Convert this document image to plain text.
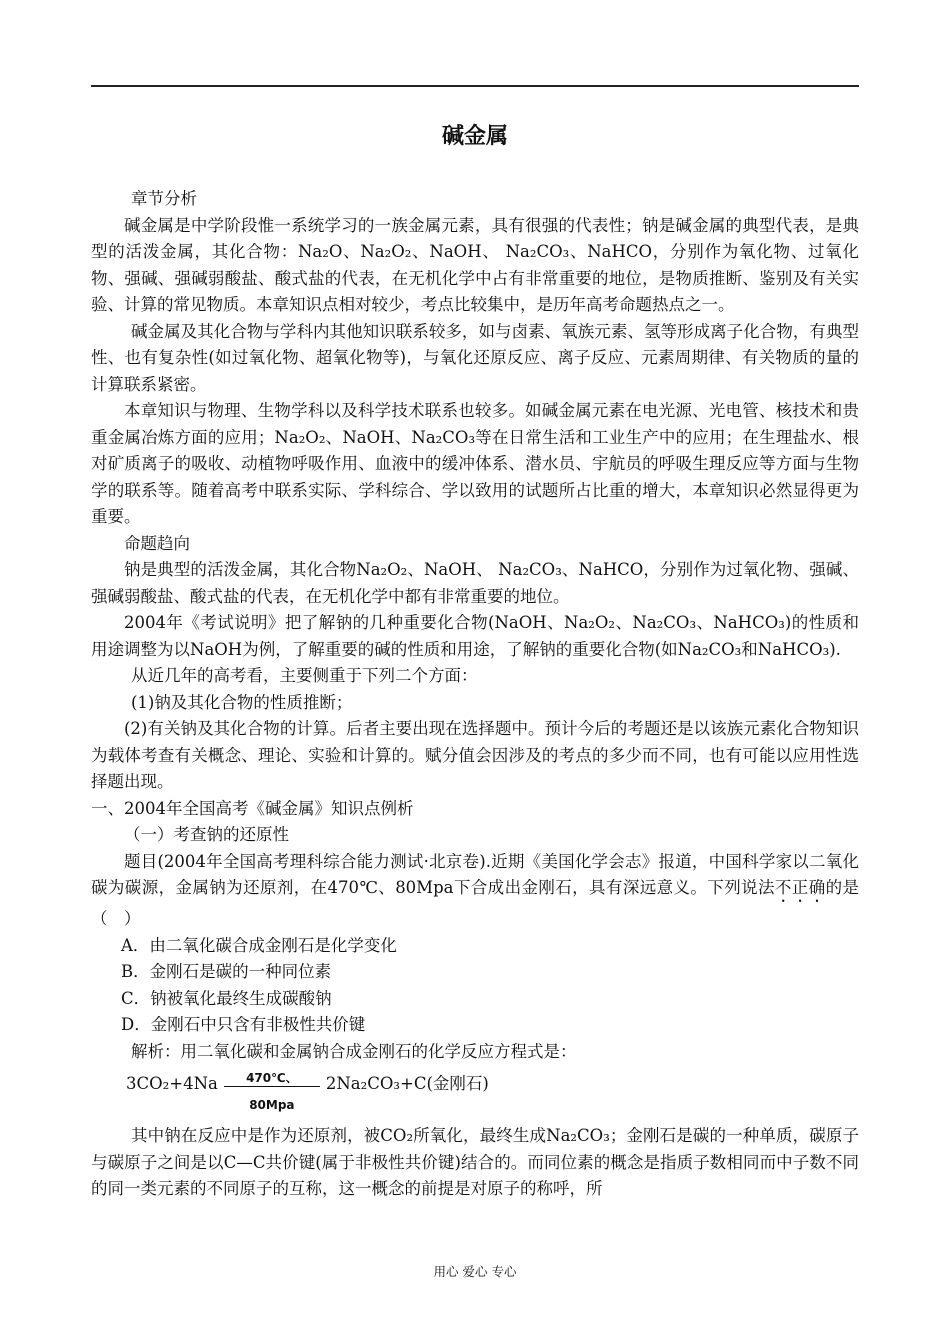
碱金属

章节分析

碱金属是中学阶段惟一系统学习的一族金属元素，具有很强的代表性；钠是碱金属的典型代表，是典型的活泼金属，其化合物：Na₂O、Na₂O₂、NaOH、 Na₂CO₃、NaHCO，分别作为氧化物、过氧化物、强碱、强碱弱酸盐、酸式盐的代表，在无机化学中占有非常重要的地位，是物质推断、鉴别及有关实验、计算的常见物质。本章知识点相对较少，考点比较集中，是历年高考命题热点之一。

碱金属及其化合物与学科内其他知识联系较多，如与卤素、氧族元素、氢等形成离子化合物，有典型性、也有复杂性(如过氧化物、超氧化物等)，与氧化还原反应、离子反应、元素周期律、有关物质的量的计算联系紧密。

本章知识与物理、生物学科以及科学技术联系也较多。如碱金属元素在电光源、光电管、核技术和贵重金属冶炼方面的应用；Na₂O₂、NaOH、Na₂CO₃等在日常生活和工业生产中的应用；在生理盐水、根对矿质离子的吸收、动植物呼吸作用、血液中的缓冲体系、潜水员、宇航员的呼吸生理反应等方面与生物学的联系等。随着高考中联系实际、学科综合、学以致用的试题所占比重的增大，本章知识必然显得更为重要。

命题趋向

钠是典型的活泼金属，其化合物Na₂O₂、NaOH、 Na₂CO₃、NaHCO，分别作为过氧化物、强碱、强碱弱酸盐、酸式盐的代表，在无机化学中都有非常重要的地位。

2004年《考试说明》把了解钠的几种重要化合物(NaOH、Na₂O₂、Na₂CO₃、NaHCO₃)的性质和用途调整为以NaOH为例，了解重要的碱的性质和用途，了解钠的重要化合物(如Na₂CO₃和NaHCO₃).

从近几年的高考看，主要侧重于下列二个方面：

(1)钠及其化合物的性质推断；

(2)有关钠及其化合物的计算。后者主要出现在选择题中。预计今后的考题还是以该族元素化合物知识为载体考查有关概念、理论、实验和计算的。赋分值会因涉及的考点的多少而不同，也有可能以应用性选择题出现。

一、2004年全国高考《碱金属》知识点例析

（一）考查钠的还原性

题目(2004年全国高考理科综合能力测试·北京卷).近期《美国化学会志》报道，中国科学家以二氧化碳为碳源，金属钠为还原剂，在470℃、80Mpa下合成出金刚石，具有深远意义。下列说法不正确的是　（　）

A．由二氧化碳合成金刚石是化学变化

B．金刚石是碳的一种同位素

C．钠被氧化最终生成碳酸钠

D．金刚石中只含有非极性共价键

解析：用二氧化碳和金属钠合成金刚石的化学反应方程式是：

3CO₂+4Na	470℃、80Mpa
2Na₂CO₃+C(金刚石)

其中钠在反应中是作为还原剂，被CO₂所氧化，最终生成Na₂CO₃；金刚石是碳的一种单质，碳原子与碳原子之间是以C—C共价键(属于非极性共价键)结合的。而同位素的概念是指质子数相同而中子数不同的同一类元素的不同原子的互称，这一概念的前提是对原子的称呼，所

用心 爱心 专心
